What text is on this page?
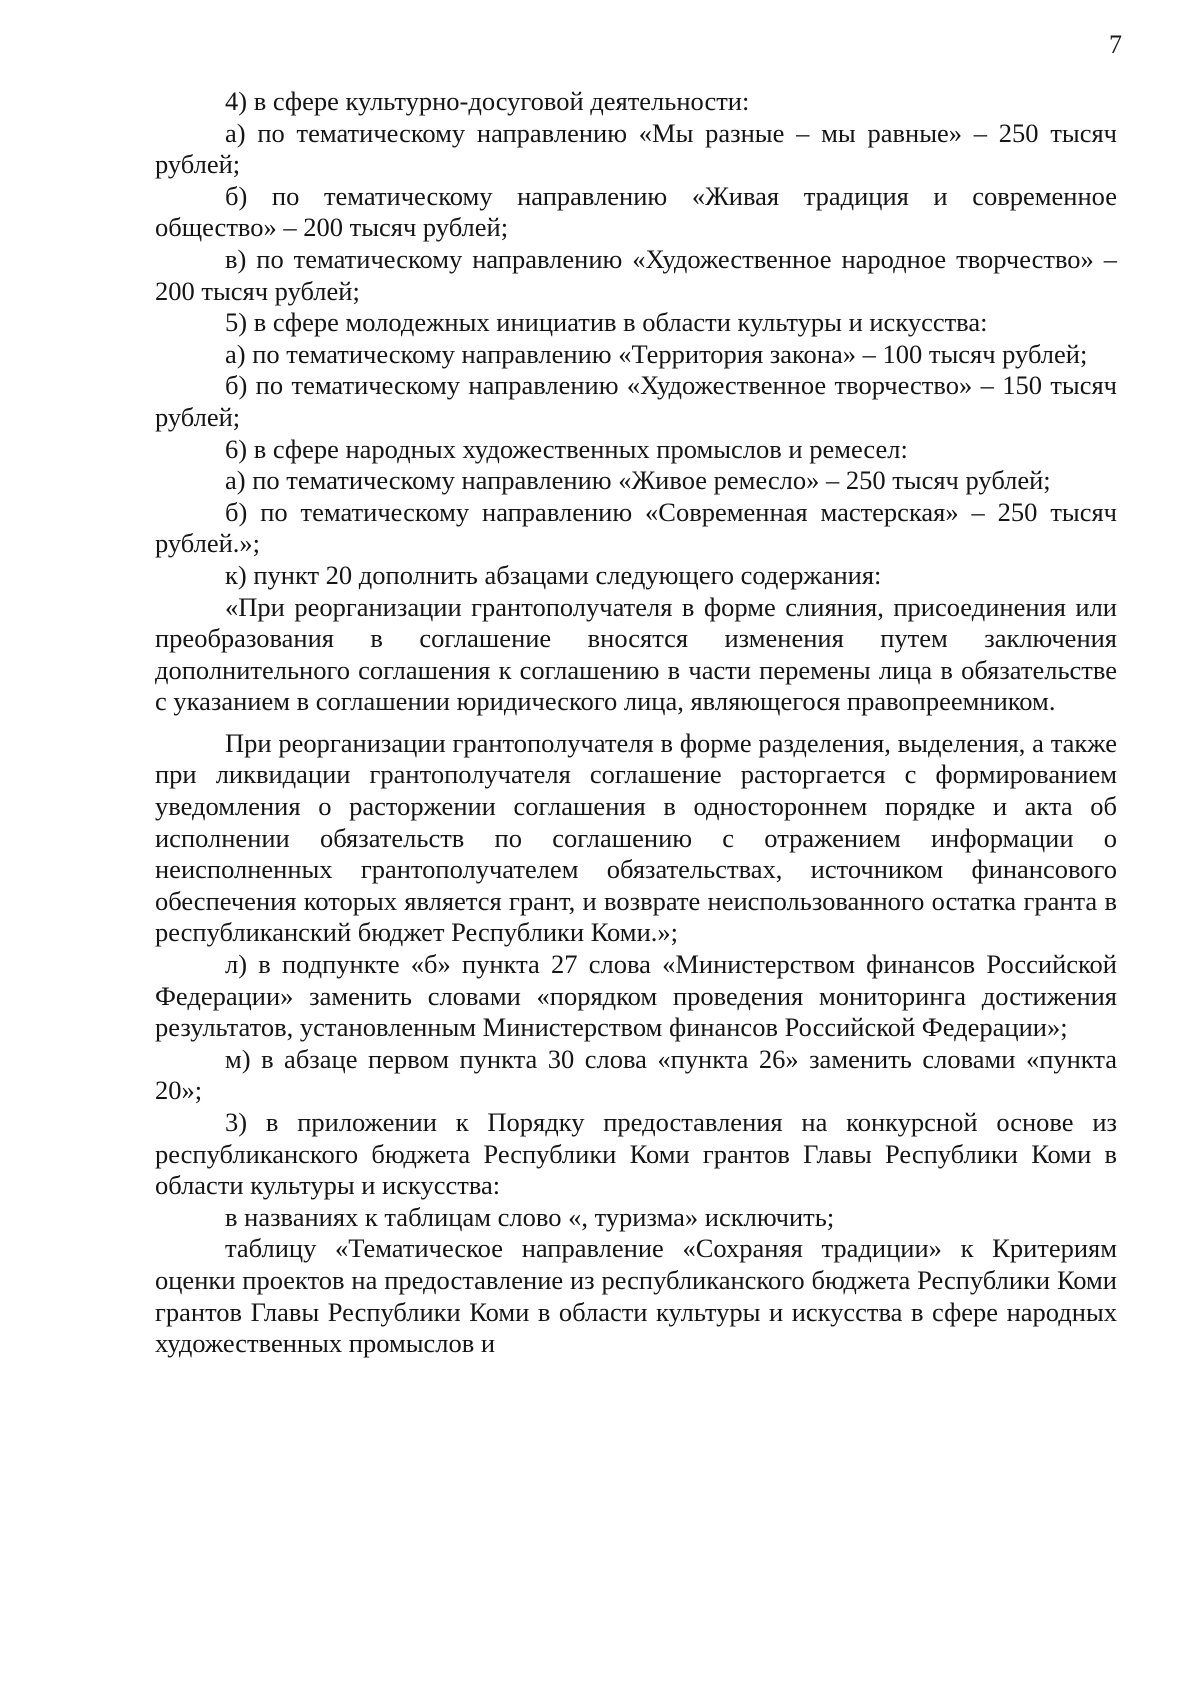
7

4) в сфере культурно-досуговой деятельности:

а) по тематическому направлению «Мы разные – мы равные» – 250 тысяч рублей;

б) по тематическому направлению «Живая традиция и современное общество» – 200 тысяч рублей;

в) по тематическому направлению «Художественное народное творчество» – 200 тысяч рублей;

5) в сфере молодежных инициатив в области культуры и искусства:

а) по тематическому направлению «Территория закона» – 100 тысяч рублей;

б) по тематическому направлению «Художественное творчество» – 150 тысяч рублей;

6) в сфере народных художественных промыслов и ремесел:

а) по тематическому направлению «Живое ремесло» – 250 тысяч рублей;

б) по тематическому направлению «Современная мастерская» – 250 тысяч рублей.»;

к) пункт 20 дополнить абзацами следующего содержания:

«При реорганизации грантополучателя в форме слияния, присоединения или преобразования в соглашение вносятся изменения путем заключения дополнительного соглашения к соглашению в части перемены лица в обязательстве с указанием в соглашении юридического лица, являющегося правопреемником.

При реорганизации грантополучателя в форме разделения, выделения, а также при ликвидации грантополучателя соглашение расторгается с формированием уведомления о расторжении соглашения в одностороннем порядке и акта об исполнении обязательств по соглашению с отражением информации о неисполненных грантополучателем обязательствах, источником финансового обеспечения которых является грант, и возврате неиспользованного остатка гранта в республиканский бюджет Республики Коми.»;

л) в подпункте «б» пункта 27 слова «Министерством финансов Российской Федерации» заменить словами «порядком проведения мониторинга достижения результатов, установленным Министерством финансов Российской Федерации»;

м) в абзаце первом пункта 30 слова «пункта 26» заменить словами «пункта 20»;

3) в приложении к Порядку предоставления на конкурсной основе из республиканского бюджета Республики Коми грантов Главы Республики Коми в области культуры и искусства:

в названиях к таблицам слово «, туризма» исключить;

таблицу «Тематическое направление «Сохраняя традиции» к Критериям оценки проектов на предоставление из республиканского бюджета Республики Коми грантов Главы Республики Коми в области культуры и искусства в сфере народных художественных промыслов и
